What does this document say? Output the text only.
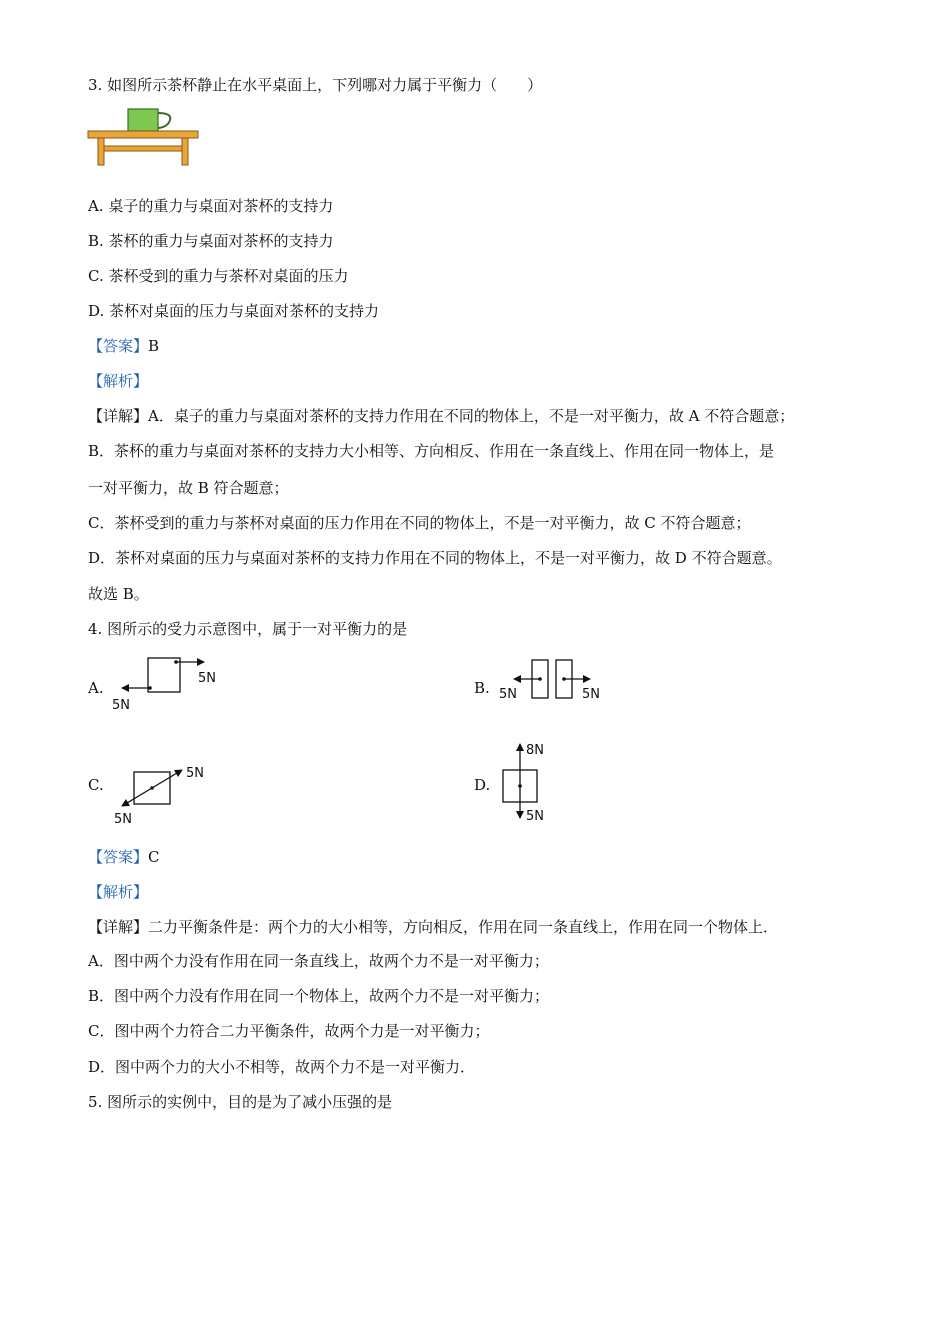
3. 如图所示茶杯静止在水平桌面上，下列哪对力属于平衡力（　　）
A. 桌子的重力与桌面对茶杯的支持力
B. 茶杯的重力与桌面对茶杯的支持力
C. 茶杯受到的重力与茶杯对桌面的压力
D. 茶杯对桌面的压力与桌面对茶杯的支持力
【答案】B
【解析】
【详解】A．桌子的重力与桌面对茶杯的支持力作用在不同的物体上，不是一对平衡力，故 A 不符合题意；
B．茶杯的重力与桌面对茶杯的支持力大小相等、方向相反、作用在一条直线上、作用在同一物体上，是
一对平衡力，故 B 符合题意；
C．茶杯受到的重力与茶杯对桌面的压力作用在不同的物体上，不是一对平衡力，故 C 不符合题意；
D．茶杯对桌面的压力与桌面对茶杯的支持力作用在不同的物体上，不是一对平衡力，故 D 不符合题意。
故选 B。
4. 图所示的受力示意图中，属于一对平衡力的是
A.
5N
5N
B. 5N	5N
C.
5N
5N
D.
8N
5N
【答案】C
【解析】
【详解】二力平衡条件是：两个力的大小相等，方向相反，作用在同一条直线上，作用在同一个物体上．
A．图中两个力没有作用在同一条直线上，故两个力不是一对平衡力；
B．图中两个力没有作用在同一个物体上，故两个力不是一对平衡力；
C．图中两个力符合二力平衡条件，故两个力是一对平衡力；
D．图中两个力的大小不相等，故两个力不是一对平衡力．
5. 图所示的实例中，目的是为了减小压强的是
